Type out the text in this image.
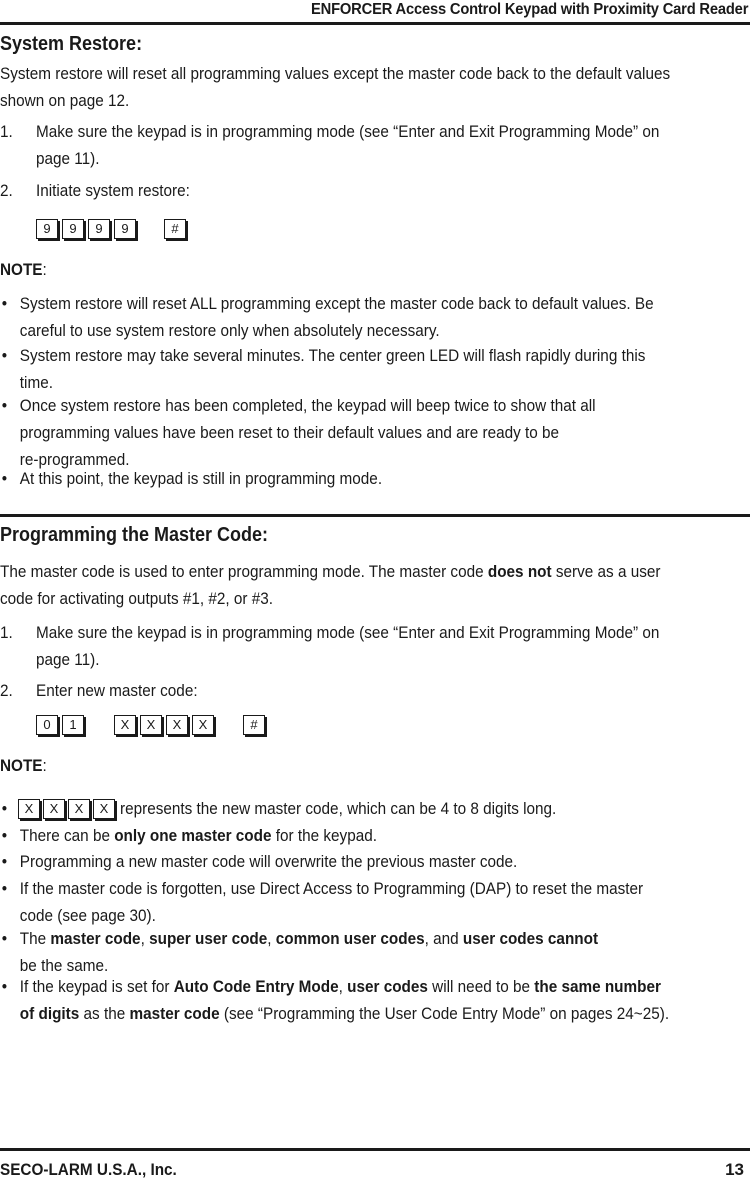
ENFORCER Access Control Keypad with Proximity Card Reader
System Restore:
System restore will reset all programming values except the master code back to the default values
shown on page 12.
1. Make sure the keypad is in programming mode (see “Enter and Exit Programming Mode” on
page 11).
2. Initiate system restore:
9	9	9	9	#
NOTE:
• System restore will reset ALL programming except the master code back to default values. Be
careful to use system restore only when absolutely necessary.
• System restore may take several minutes. The center green LED will flash rapidly during this
time.
• Once system restore has been completed, the keypad will beep twice to show that all
programming values have been reset to their default values and are ready to be
re-programmed.
• At this point, the keypad is still in programming mode.
Programming the Master Code:
The master code is used to enter programming mode. The master code does not serve as a user
code for activating outputs #1, #2, or #3.
1. Make sure the keypad is in programming mode (see “Enter and Exit Programming Mode” on
page 11).
2. Enter new master code:
0	1	X	X	X	X	#
NOTE:
•	X	X	X	X represents the new master code, which can be 4 to 8 digits long.
• There can be only one master code for the keypad.
• Programming a new master code will overwrite the previous master code.
• If the master code is forgotten, use Direct Access to Programming (DAP) to reset the master
code (see page 30).
• The master code, super user code, common user codes, and user codes cannot
be the same.
• If the keypad is set for Auto Code Entry Mode, user codes will need to be the same number
of digits as the master code (see “Programming the User Code Entry Mode” on pages 24~25).
SECO-LARM U.S.A., Inc.	13
